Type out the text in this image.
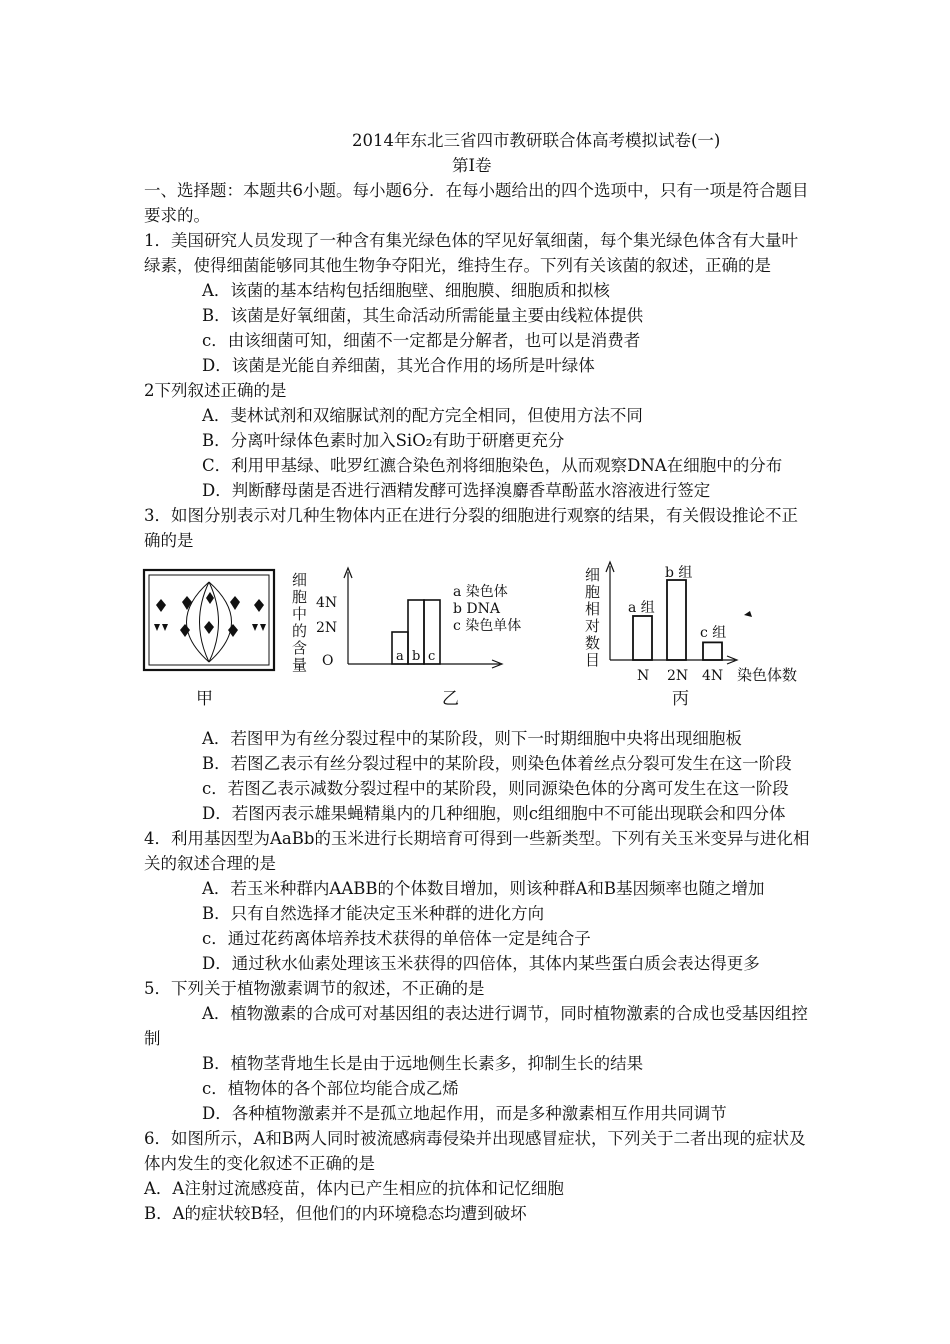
2014年东北三省四市教研联合体高考模拟试卷(一)
第Ⅰ卷
一、选择题：本题共6小题。每小题6分．在每小题给出的四个选项中，只有一项是符合题目
要求的。
1．美国研究人员发现了一种含有集光绿色体的罕见好氧细菌，每个集光绿色体含有大量叶
绿素，使得细菌能够同其他生物争夺阳光，维持生存。下列有关该菌的叙述，正确的是
A．该菌的基本结构包括细胞壁、细胞膜、细胞质和拟核
B．该菌是好氧细菌，其生命活动所需能量主要由线粒体提供
c．由该细菌可知，细菌不一定都是分解者，也可以是消费者
D．该菌是光能自养细菌，其光合作用的场所是叶绿体
2下列叙述正确的是
A．斐林试剂和双缩脲试剂的配方完全相同，但使用方法不同
B．分离叶绿体色素时加入SiO₂有助于研磨更充分
C．利用甲基绿、吡罗红瀌合染色剂将细胞染色，从而观察DNA在细胞中的分布
D．判断酵母菌是否进行酒精发酵可选择溴麝香草酚蓝水溶液进行签定
3．如图分别表示对几种生物体内正在进行分裂的细胞进行观察的结果，有关假设推论不正
确的是
甲
细
胞
中
的
含
量
4N
2N
O	a b c
a 染色体
b DNA
c 染色单体
乙
细
胞
相
对
数
目
a 组
b 组
c 组
N 2N 4N 染色体数
丙
A．若图甲为有丝分裂过程中的某阶段，则下一时期细胞中央将出现细胞板
B．若图乙表示有丝分裂过程中的某阶段，则染色体着丝点分裂可发生在这一阶段
c．若图乙表示减数分裂过程中的某阶段，则同源染色体的分离可发生在这一阶段
D．若图丙表示雄果蝇精巢内的几种细胞，则c组细胞中不可能出现联会和四分体
4．利用基因型为AaBb的玉米进行长期培育可得到一些新类型。下列有关玉米变异与进化相
关的叙述合理的是
A．若玉米种群内AABB的个体数目增加，则该种群A和B基因频率也随之增加
B．只有自然选择才能决定玉米种群的进化方向
c．通过花药离体培养技术获得的单倍体一定是纯合子
D．通过秋水仙素处理该玉米获得的四倍体，其体内某些蛋白质会表达得更多
5．下列关于植物激素调节的叙述，不正确的是
A．植物激素的合成可对基因组的表达进行调节，同时植物激素的合成也受基因组控
制
B．植物茎背地生长是由于远地侧生长素多，抑制生长的结果
c．植物体的各个部位均能合成乙烯
D．各种植物激素并不是孤立地起作用，而是多种激素相互作用共同调节
6．如图所示，A和B两人同时被流感病毒侵染并出现感冒症状，下列关于二者出现的症状及
体内发生的变化叙述不正确的是
A．A注射过流感疫苗，体内已产生相应的抗体和记忆细胞
B．A的症状较B轻，但他们的内环境稳态均遭到破坏
